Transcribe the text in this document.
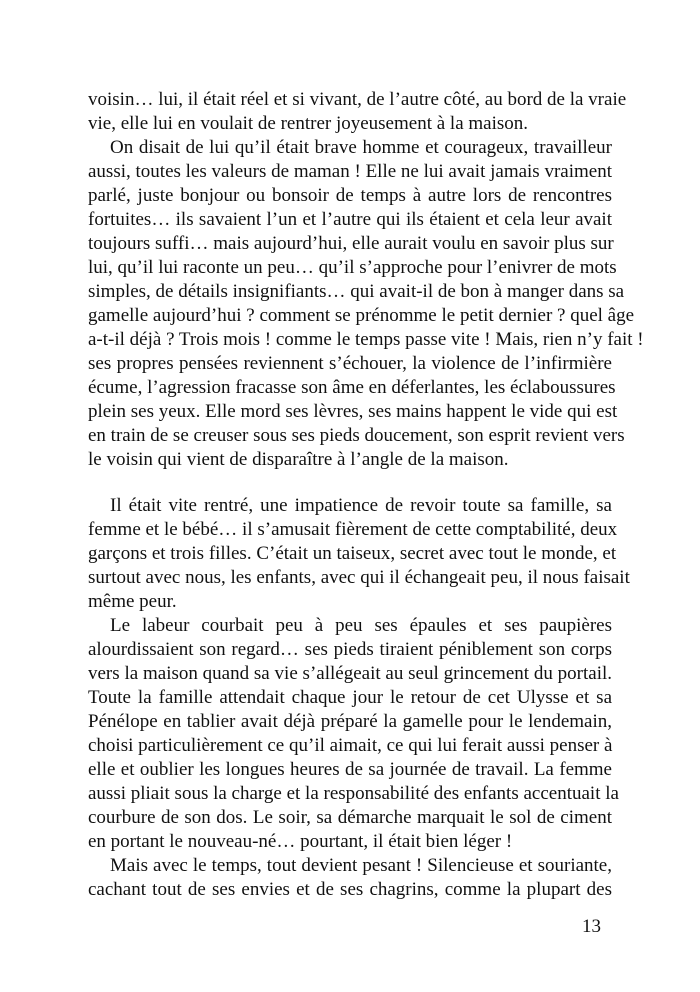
voisin… lui, il était réel et si vivant, de l’autre côté, au bord de la vraie
vie, elle lui en voulait de rentrer joyeusement à la maison.
On disait de lui qu’il était brave homme et courageux, travailleur
aussi, toutes les valeurs de maman ! Elle ne lui avait jamais vraiment
parlé, juste bonjour ou bonsoir de temps à autre lors de rencontres
fortuites… ils savaient l’un et l’autre qui ils étaient et cela leur avait
toujours suffi… mais aujourd’hui, elle aurait voulu en savoir plus sur
lui, qu’il lui raconte un peu… qu’il s’approche pour l’enivrer de mots
simples, de détails insignifiants… qui avait-il de bon à manger dans sa
gamelle aujourd’hui ? comment se prénomme le petit dernier ? quel âge
a-t-il déjà ? Trois mois ! comme le temps passe vite ! Mais, rien n’y fait !
ses propres pensées reviennent s’échouer, la violence de l’infirmière
écume, l’agression fracasse son âme en déferlantes, les éclaboussures
plein ses yeux. Elle mord ses lèvres, ses mains happent le vide qui est
en train de se creuser sous ses pieds doucement, son esprit revient vers
le voisin qui vient de disparaître à l’angle de la maison.
Il était vite rentré, une impatience de revoir toute sa famille, sa
femme et le bébé… il s’amusait fièrement de cette comptabilité, deux
garçons et trois filles. C’était un taiseux, secret avec tout le monde, et
surtout avec nous, les enfants, avec qui il échangeait peu, il nous faisait
même peur.
Le labeur courbait peu à peu ses épaules et ses paupières
alourdissaient son regard… ses pieds tiraient péniblement son corps
vers la maison quand sa vie s’allégeait au seul grincement du portail.
Toute la famille attendait chaque jour le retour de cet Ulysse et sa
Pénélope en tablier avait déjà préparé la gamelle pour le lendemain,
choisi particulièrement ce qu’il aimait, ce qui lui ferait aussi penser à
elle et oublier les longues heures de sa journée de travail. La femme
aussi pliait sous la charge et la responsabilité des enfants accentuait la
courbure de son dos. Le soir, sa démarche marquait le sol de ciment
en portant le nouveau-né… pourtant, il était bien léger !
Mais avec le temps, tout devient pesant ! Silencieuse et souriante,
cachant tout de ses envies et de ses chagrins, comme la plupart des
13
